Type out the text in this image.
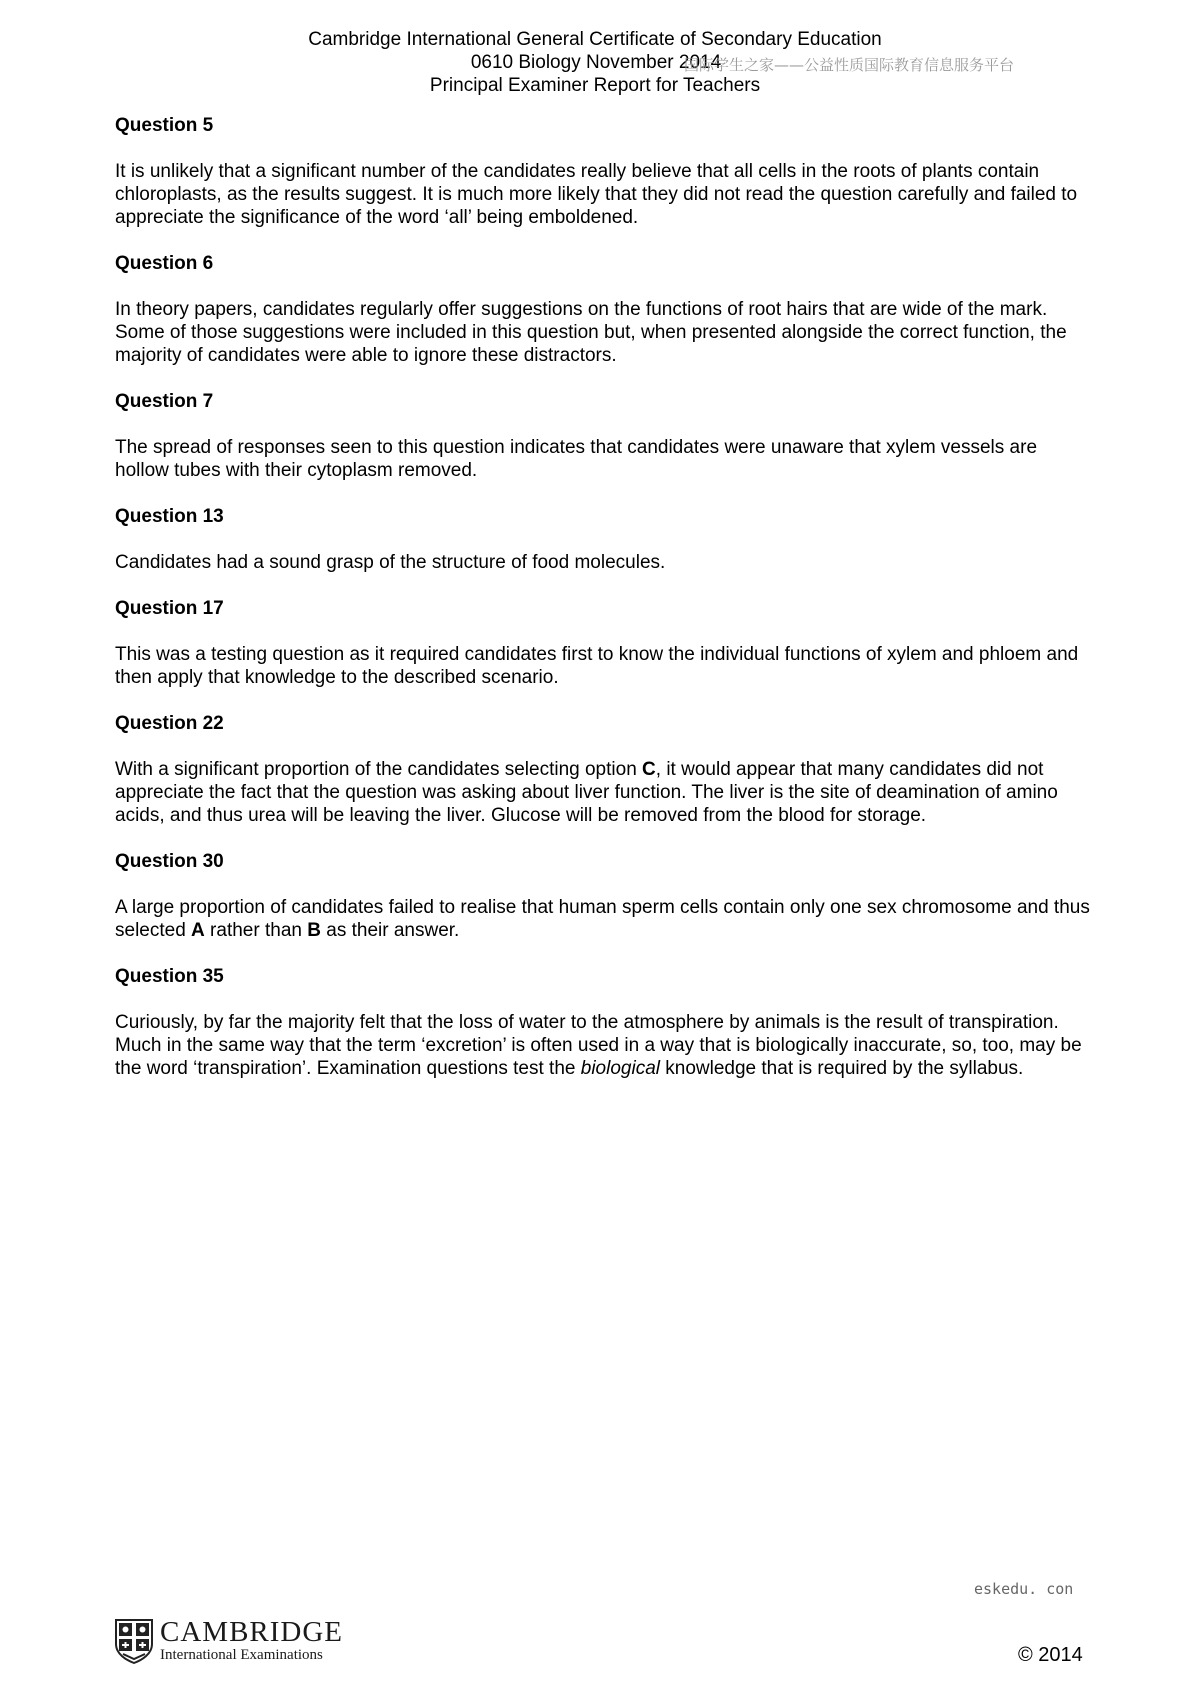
Cambridge International General Certificate of Secondary Education
0610 Biology November 2014
Principal Examiner Report for Teachers
国际学生之家——公益性质国际教育信息服务平台
Question 5
It is unlikely that a significant number of the candidates really believe that all cells in the roots of plants contain chloroplasts, as the results suggest. It is much more likely that they did not read the question carefully and failed to appreciate the significance of the word ‘all’ being emboldened.
Question 6
In theory papers, candidates regularly offer suggestions on the functions of root hairs that are wide of the mark. Some of those suggestions were included in this question but, when presented alongside the correct function, the majority of candidates were able to ignore these distractors.
Question 7
The spread of responses seen to this question indicates that candidates were unaware that xylem vessels are hollow tubes with their cytoplasm removed.
Question 13
Candidates had a sound grasp of the structure of food molecules.
Question 17
This was a testing question as it required candidates first to know the individual functions of xylem and phloem and then apply that knowledge to the described scenario.
Question 22
With a significant proportion of the candidates selecting option C, it would appear that many candidates did not appreciate the fact that the question was asking about liver function. The liver is the site of deamination of amino acids, and thus urea will be leaving the liver. Glucose will be removed from the blood for storage.
Question 30
A large proportion of candidates failed to realise that human sperm cells contain only one sex chromosome and thus selected A rather than B as their answer.
Question 35
Curiously, by far the majority felt that the loss of water to the atmosphere by animals is the result of transpiration. Much in the same way that the term ‘excretion’ is often used in a way that is biologically inaccurate, so, too, may be the word ‘transpiration’. Examination questions test the biological knowledge that is required by the syllabus.
eskedu. con
CAMBRIDGE
International Examinations	© 2014
